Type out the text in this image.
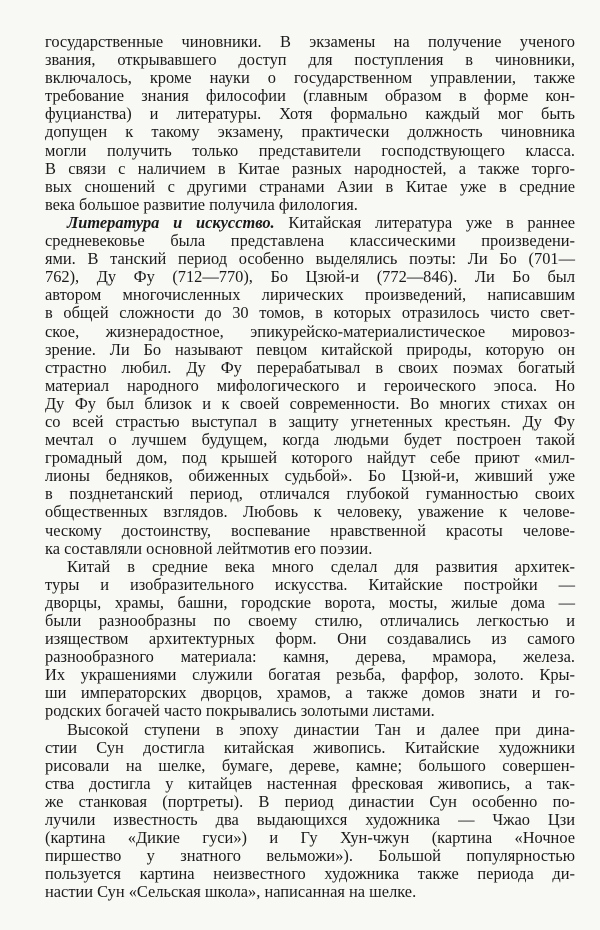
государственные чиновники. В экзамены на получение ученого
звания, открывавшего доступ для поступления в чиновники,
включалось, кроме науки о государственном управлении, также
требование знания философии (главным образом в форме кон-
фуцианства) и литературы. Хотя формально каждый мог быть
допущен к такому экзамену, практически должность чиновника
могли получить только представители господствующего класса.
В связи с наличием в Китае разных народностей, а также торго-
вых сношений с другими странами Азии в Китае уже в средние
века большое развитие получила филология.
Литература и искусство. Китайская литература уже в раннее
средневековье была представлена классическими произведени-
ями. В танский период особенно выделялись поэты: Ли Бо (701—
762), Ду Фу (712—770), Бо Цзюй-и (772—846). Ли Бо был
автором многочисленных лирических произведений, написавшим
в общей сложности до 30 томов, в которых отразилось чисто свет-
ское, жизнерадостное, эпикурейско-материалистическое мировоз-
зрение. Ли Бо называют певцом китайской природы, которую он
страстно любил. Ду Фу перерабатывал в своих поэмах богатый
материал народного мифологического и героического эпоса. Но
Ду Фу был близок и к своей современности. Во многих стихах он
со всей страстью выступал в защиту угнетенных крестьян. Ду Фу
мечтал о лучшем будущем, когда людьми будет построен такой
громадный дом, под крышей которого найдут себе приют «мил-
лионы бедняков, обиженных судьбой». Бо Цзюй-и, живший уже
в позднетанский период, отличался глубокой гуманностью своих
общественных взглядов. Любовь к человеку, уважение к челове-
ческому достоинству, воспевание нравственной красоты челове-
ка составляли основной лейтмотив его поэзии.
Китай в средние века много сделал для развития архитек-
туры и изобразительного искусства. Китайские постройки —
дворцы, храмы, башни, городские ворота, мосты, жилые дома —
были разнообразны по своему стилю, отличались легкостью и
изяществом архитектурных форм. Они создавались из самого
разнообразного материала: камня, дерева, мрамора, железа.
Их украшениями служили богатая резьба, фарфор, золото. Кры-
ши императорских дворцов, храмов, а также домов знати и го-
родских богачей часто покрывались золотыми листами.
Высокой ступени в эпоху династии Тан и далее при дина-
стии Сун достигла китайская живопись. Китайские художники
рисовали на шелке, бумаге, дереве, камне; большого совершен-
ства достигла у китайцев настенная фресковая живопись, а так-
же станковая (портреты). В период династии Сун особенно по-
лучили известность два выдающихся художника — Чжао Цзи
(картина «Дикие гуси») и Гу Хун-чжун (картина «Ночное
пиршество у знатного вельможи»). Большой популярностью
пользуется картина неизвестного художника также периода ди-
настии Сун «Сельская школа», написанная на шелке.
